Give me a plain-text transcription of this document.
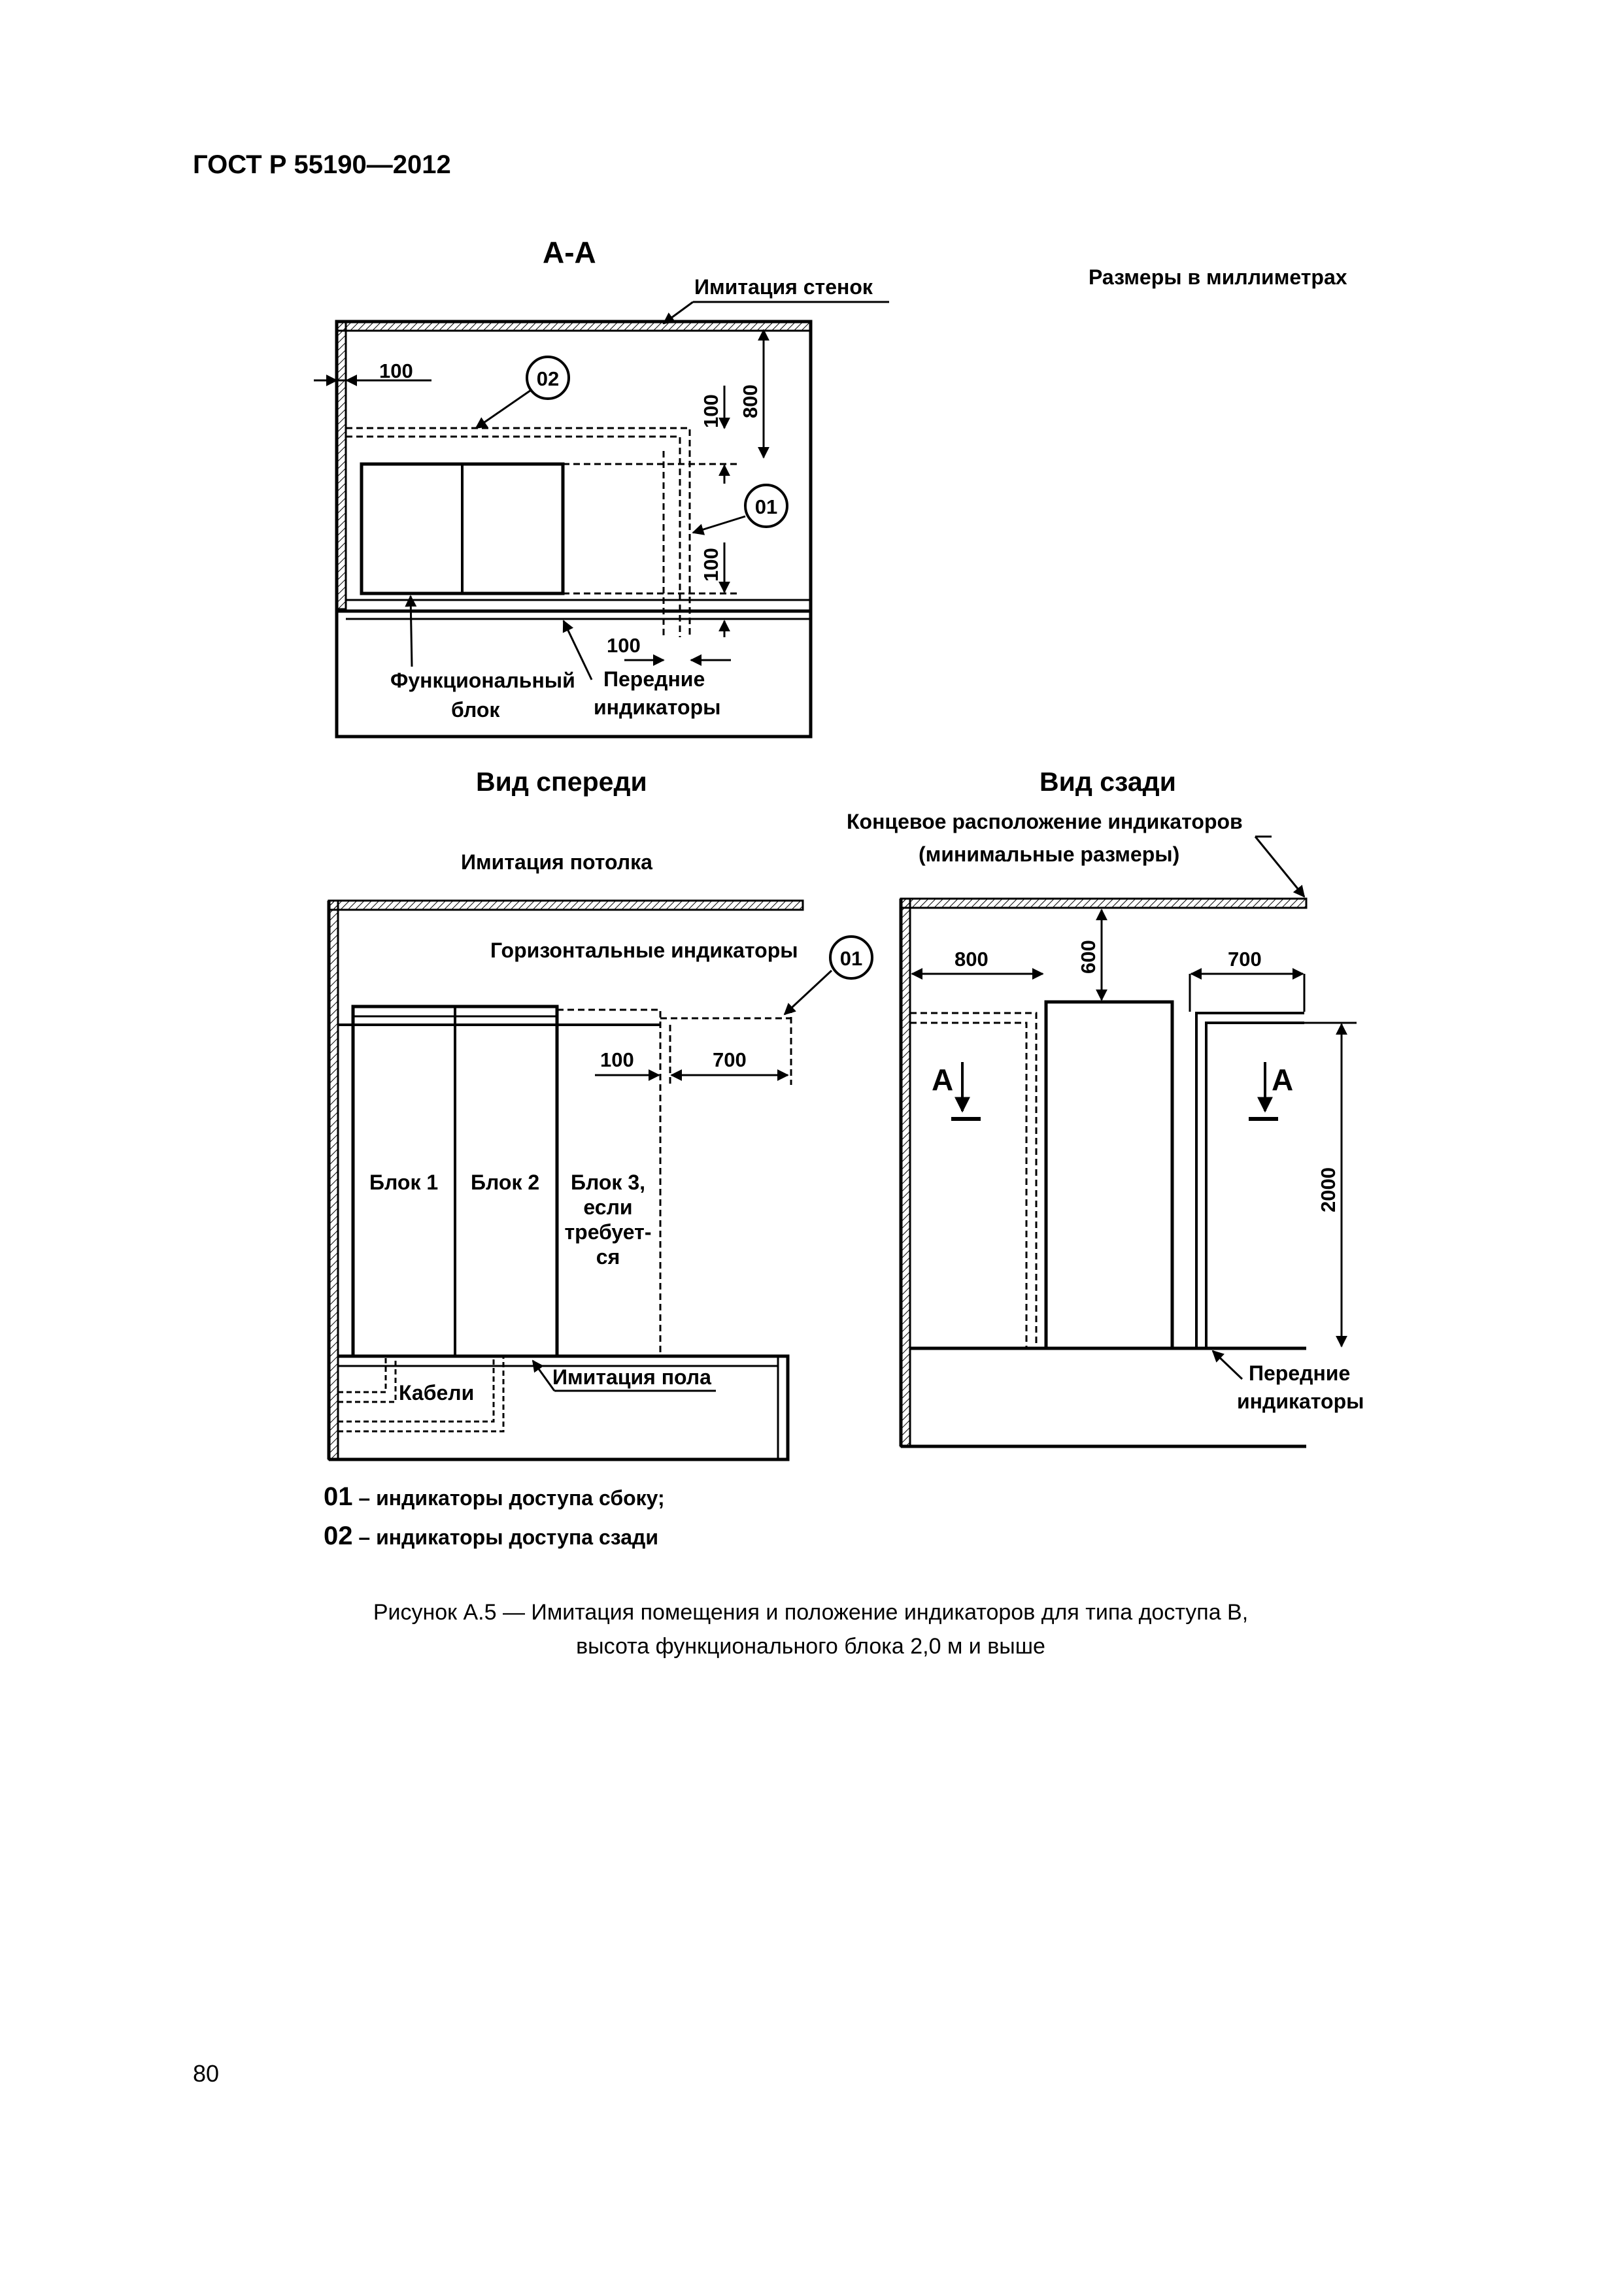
ГОСТ Р 55190—2012
Размеры в миллиметрах
А-А
Имитация стенок
100	02
800
100
01
100
100
Функциональный
блок
Передние
индикаторы
Вид спереди
Имитация потолка
Горизонтальные индикаторы 01
100	700
Блок 1 Блок 2 Блок 3,
если
требует-
ся
Кабели
Имитация пола
Вид сзади
Концевое расположение индикаторов
(минимальные размеры)
800	600	700
2000
А	А
Передние
индикаторы
01 – индикаторы доступа сбоку;
02 – индикаторы доступа сзади
Рисунок А.5 — Имитация помещения и положение индикаторов для типа доступа В,
высота функционального блока 2,0 м и выше
80
